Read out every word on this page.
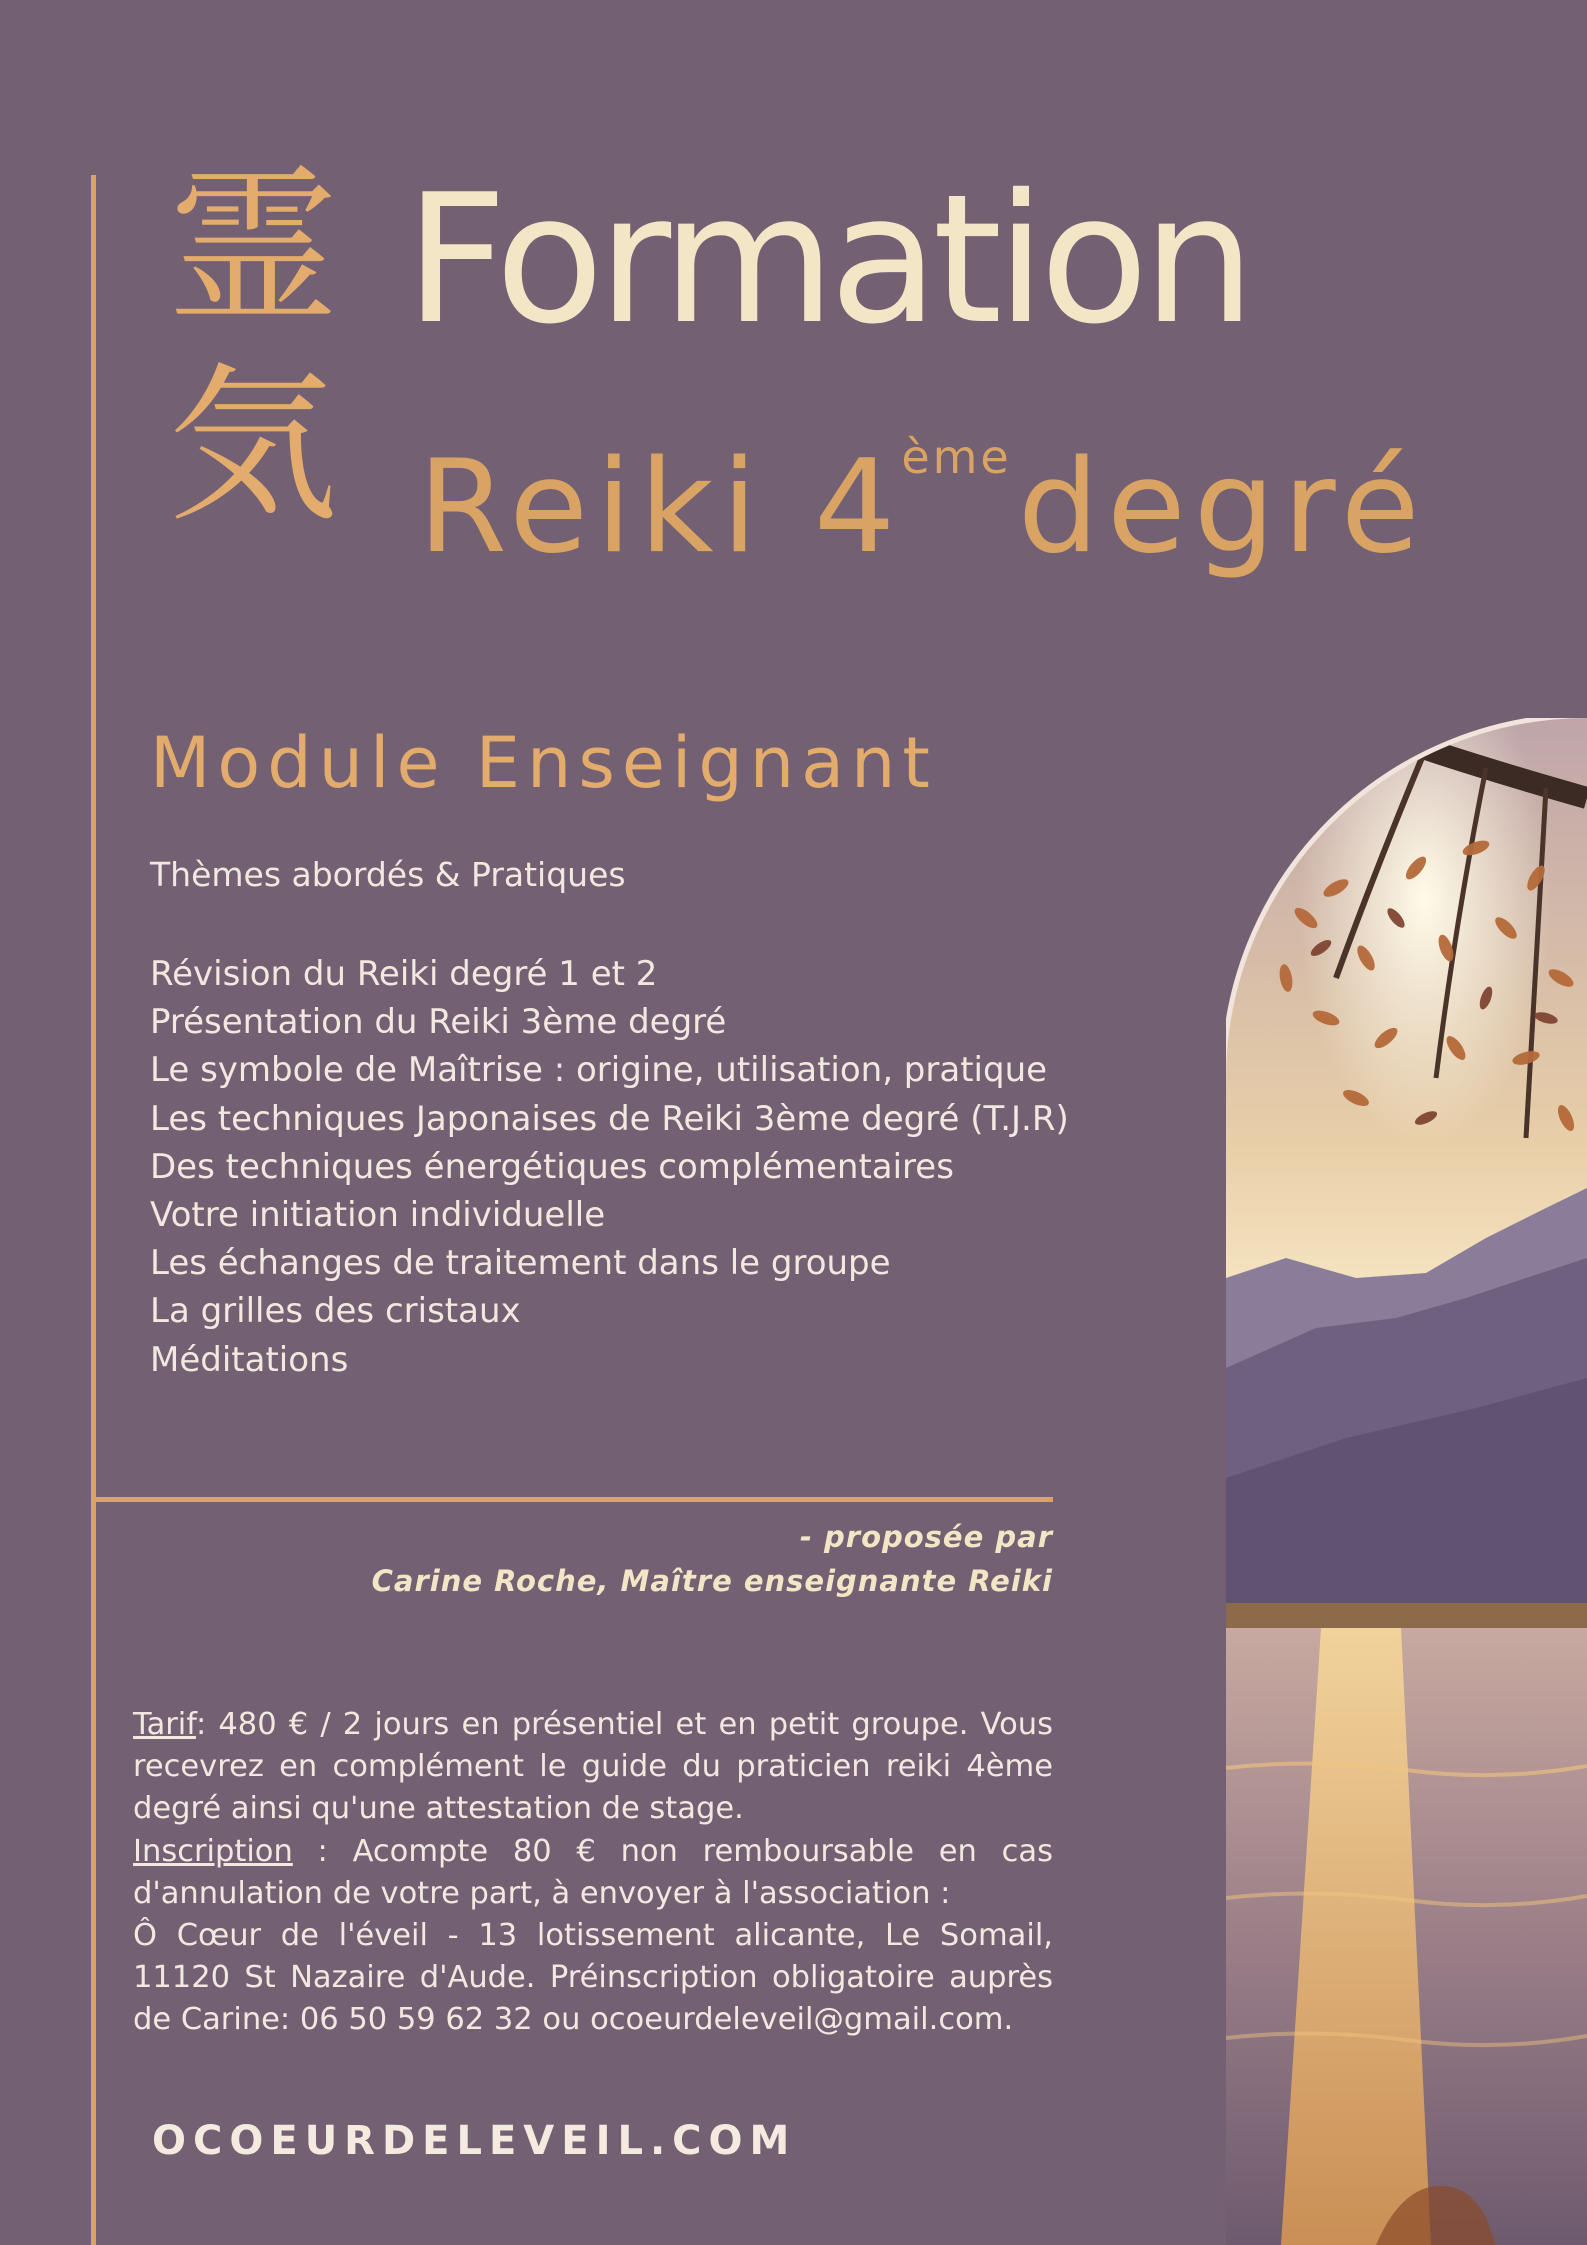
霊
気
Formation
Reiki 4èmedegré
Module Enseignant
Thèmes abordés & Pratiques
Révision du Reiki degré 1 et 2
Présentation du Reiki 3ème degré
Le symbole de Maîtrise : origine, utilisation, pratique
Les techniques Japonaises de Reiki 3ème degré (T.J.R)
Des techniques énergétiques complémentaires
Votre initiation individuelle
Les échanges de traitement dans le groupe
La grilles des cristaux
Méditations
- proposée par
Carine Roche, Maître enseignante Reiki

Tarif: 480 € / 2 jours en présentiel et en petit groupe. Vous recevrez en complément le guide du praticien reiki 4ème degré ainsi qu'une attestation de stage.

Inscription : Acompte 80 € non remboursable en cas d'annulation de votre part, à envoyer à l'association :

Ô Cœur de l'éveil - 13 lotissement alicante, Le Somail, 11120 St Nazaire d'Aude. Préinscription obligatoire auprès de Carine: 06 50 59 62 32 ou ocoeurdeleveil@gmail.com.

OCOEURDELEVEIL.COM
